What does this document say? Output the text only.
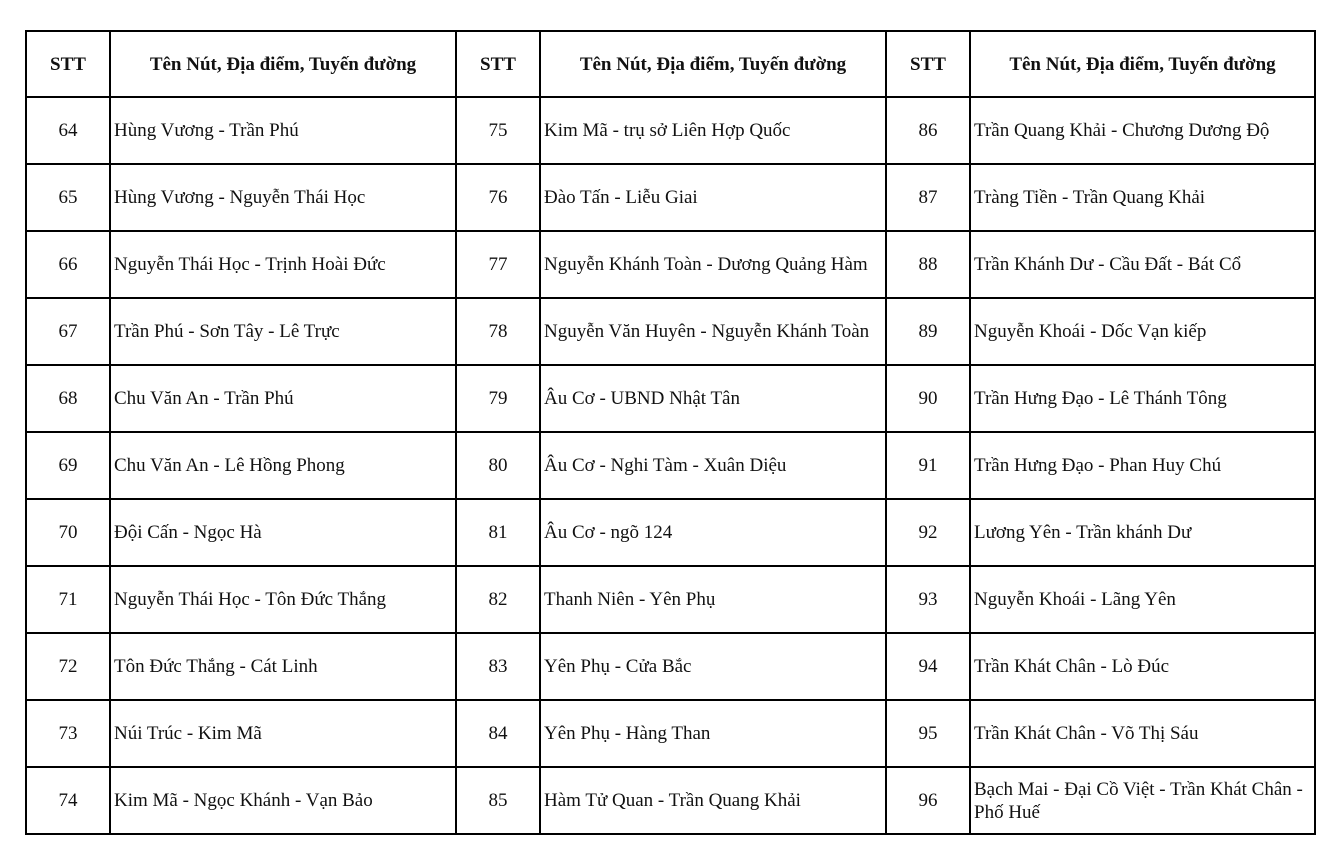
STT	Tên Nút, Địa điểm, Tuyến đường	STT	Tên Nút, Địa điểm, Tuyến đường	STT	Tên Nút, Địa điểm, Tuyến đường
64	Hùng Vương - Trần Phú	75	Kim Mã - trụ sở Liên Hợp Quốc	86	Trần Quang Khải - Chương Dương Độ
65	Hùng Vương - Nguyễn Thái Học	76	Đào Tấn - Liễu Giai	87	Tràng Tiền - Trần Quang Khải
66	Nguyễn Thái Học - Trịnh Hoài Đức	77	Nguyễn Khánh Toàn - Dương Quảng Hàm	88	Trần Khánh Dư - Cầu Đất - Bát Cổ
67	Trần Phú - Sơn Tây - Lê Trực	78	Nguyễn Văn Huyên - Nguyễn Khánh Toàn	89	Nguyễn Khoái - Dốc Vạn kiếp
68	Chu Văn An - Trần Phú	79	Âu Cơ - UBND Nhật Tân	90	Trần Hưng Đạo - Lê Thánh Tông
69	Chu Văn An - Lê Hồng Phong	80	Âu Cơ - Nghi Tàm - Xuân Diệu	91	Trần Hưng Đạo - Phan Huy Chú
70	Đội Cấn - Ngọc Hà	81	Âu Cơ - ngõ 124	92	Lương Yên - Trần khánh Dư
71	Nguyễn Thái Học - Tôn Đức Thắng	82	Thanh Niên - Yên Phụ	93	Nguyễn Khoái - Lãng Yên
72	Tôn Đức Thắng - Cát Linh	83	Yên Phụ - Cửa Bắc	94	Trần Khát Chân - Lò Đúc
73	Núi Trúc - Kim Mã	84	Yên Phụ - Hàng Than	95	Trần Khát Chân - Võ Thị Sáu
74	Kim Mã - Ngọc Khánh - Vạn Bảo	85	Hàm Tử Quan - Trần Quang Khải	96	Bạch Mai - Đại Cồ Việt - Trần Khát Chân - Phố Huế
